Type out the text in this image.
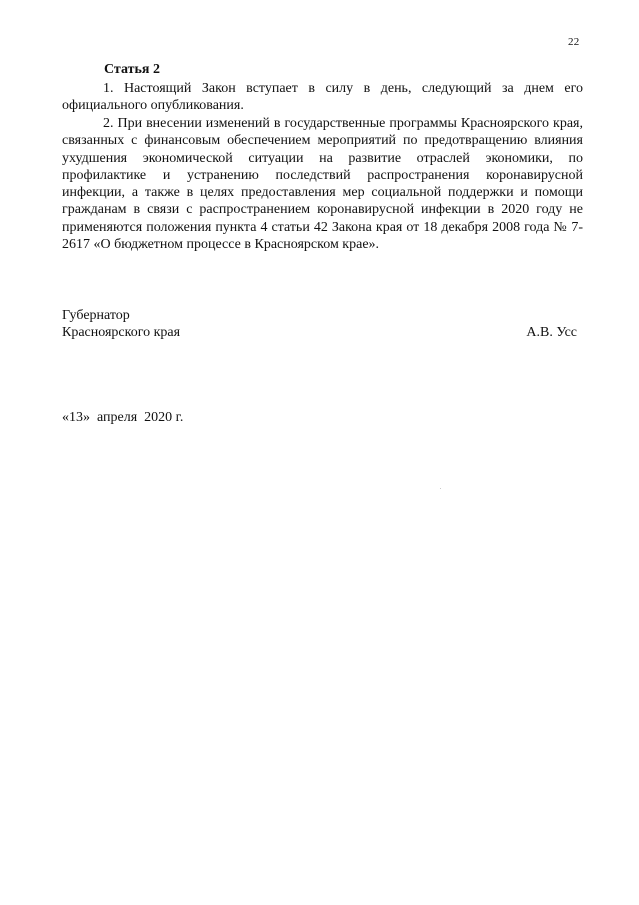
22
Статья 2

1. Настоящий Закон вступает в силу в день, следующий за днем его официального опубликования.

2. При внесении изменений в государственные программы Красноярского края, связанных с финансовым обеспечением мероприятий по предотвращению влияния ухудшения экономической ситуации на развитие отраслей экономики, по профилактике и устранению последствий распространения коронавирусной инфекции, а также в целях предоставления мер социальной поддержки и помощи гражданам в связи с распространением коронавирусной инфекции в 2020 году не применяются положения пункта 4 статьи 42 Закона края от 18 декабря 2008 года № 7-2617 «О бюджетном процессе в Красноярском крае».

Губернатор
Красноярского края	А.В. Усс
«13»  апреля  2020 г.
